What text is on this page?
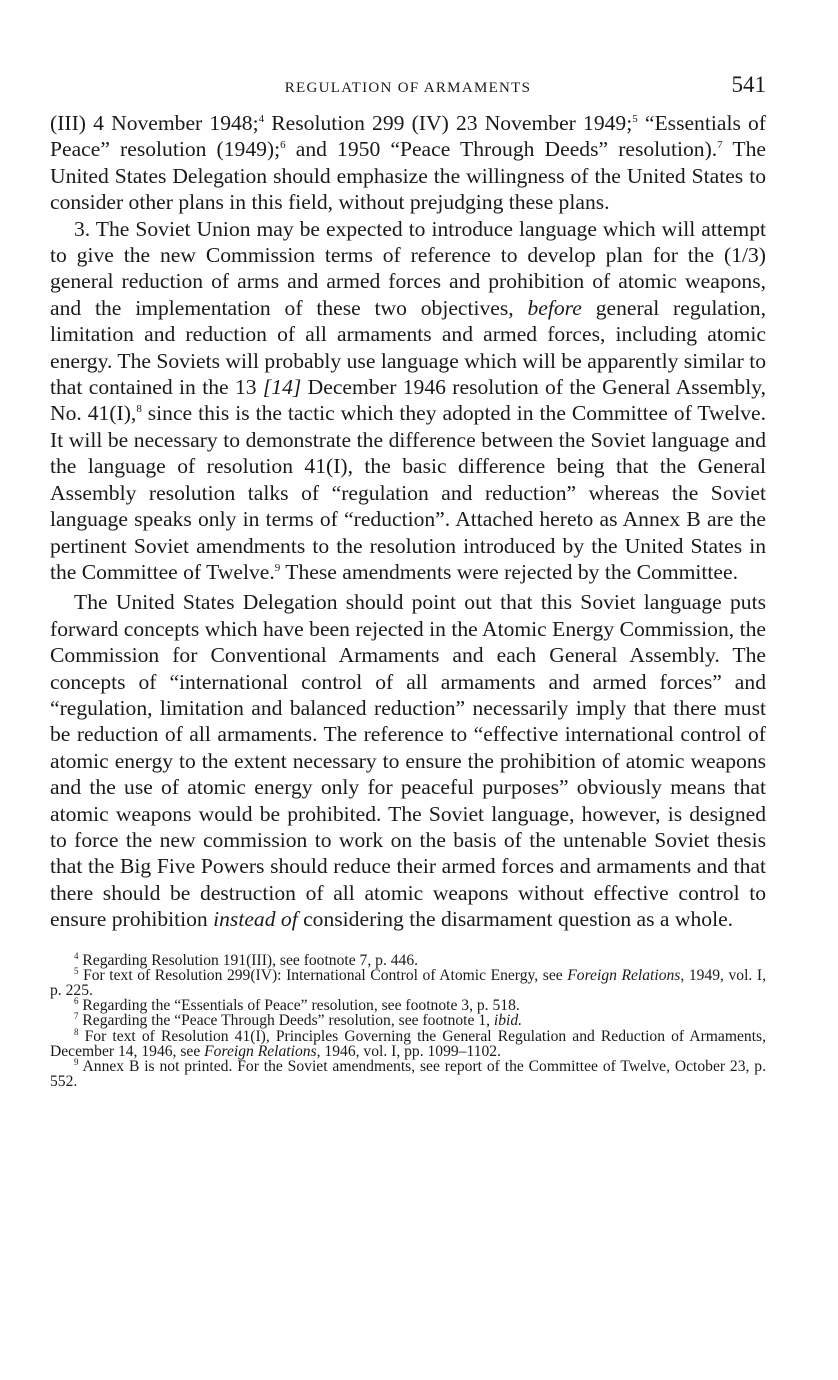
REGULATION OF ARMAMENTS	541

(III) 4 November 1948;$^4$ Resolution 299 (IV) 23 November 1949;$^5$ “Essentials of Peace” resolution (1949);$^6$ and 1950 “Peace Through Deeds” resolution).$^7$ The United States Delegation should emphasize the willingness of the United States to consider other plans in this field, without prejudging these plans.

3. The Soviet Union may be expected to introduce language which will attempt to give the new Commission terms of reference to develop plan for the (1/3) general reduction of arms and armed forces and prohibition of atomic weapons, and the implementation of these two objectives, before general regulation, limitation and reduction of all armaments and armed forces, including atomic energy. The Soviets will probably use language which will be apparently similar to that contained in the 13 [14] December 1946 resolution of the General Assembly, No. 41(I),$^8$ since this is the tactic which they adopted in the Committee of Twelve. It will be necessary to demonstrate the difference between the Soviet language and the language of resolution 41(I), the basic difference being that the General Assembly resolution talks of “regulation and reduction” whereas the Soviet language speaks only in terms of “reduction”. Attached hereto as Annex B are the pertinent Soviet amendments to the resolution introduced by the United States in the Committee of Twelve.$^9$ These amendments were rejected by the Committee.

The United States Delegation should point out that this Soviet language puts forward concepts which have been rejected in the Atomic Energy Commission, the Commission for Conventional Armaments and each General Assembly. The concepts of “international control of all armaments and armed forces” and “regulation, limitation and balanced reduction” necessarily imply that there must be reduction of all armaments. The reference to “effective international control of atomic energy to the extent necessary to ensure the prohibition of atomic weapons and the use of atomic energy only for peaceful purposes” obviously means that atomic weapons would be prohibited. The Soviet language, however, is designed to force the new commission to work on the basis of the untenable Soviet thesis that the Big Five Powers should reduce their armed forces and armaments and that there should be destruction of all atomic weapons without effective control to ensure prohibition instead of considering the disarmament question as a whole.

$^4$ Regarding Resolution 191(III), see footnote 7, p. 446.

$^5$ For text of Resolution 299(IV): International Control of Atomic Energy, see Foreign Relations, 1949, vol. I, p. 225.

$^6$ Regarding the “Essentials of Peace” resolution, see footnote 3, p. 518.

$^7$ Regarding the “Peace Through Deeds” resolution, see footnote 1, ibid.

$^8$ For text of Resolution 41(I), Principles Governing the General Regulation and Reduction of Armaments, December 14, 1946, see Foreign Relations, 1946, vol. I, pp. 1099–1102.

$^9$ Annex B is not printed. For the Soviet amendments, see report of the Committee of Twelve, October 23, p. 552.
